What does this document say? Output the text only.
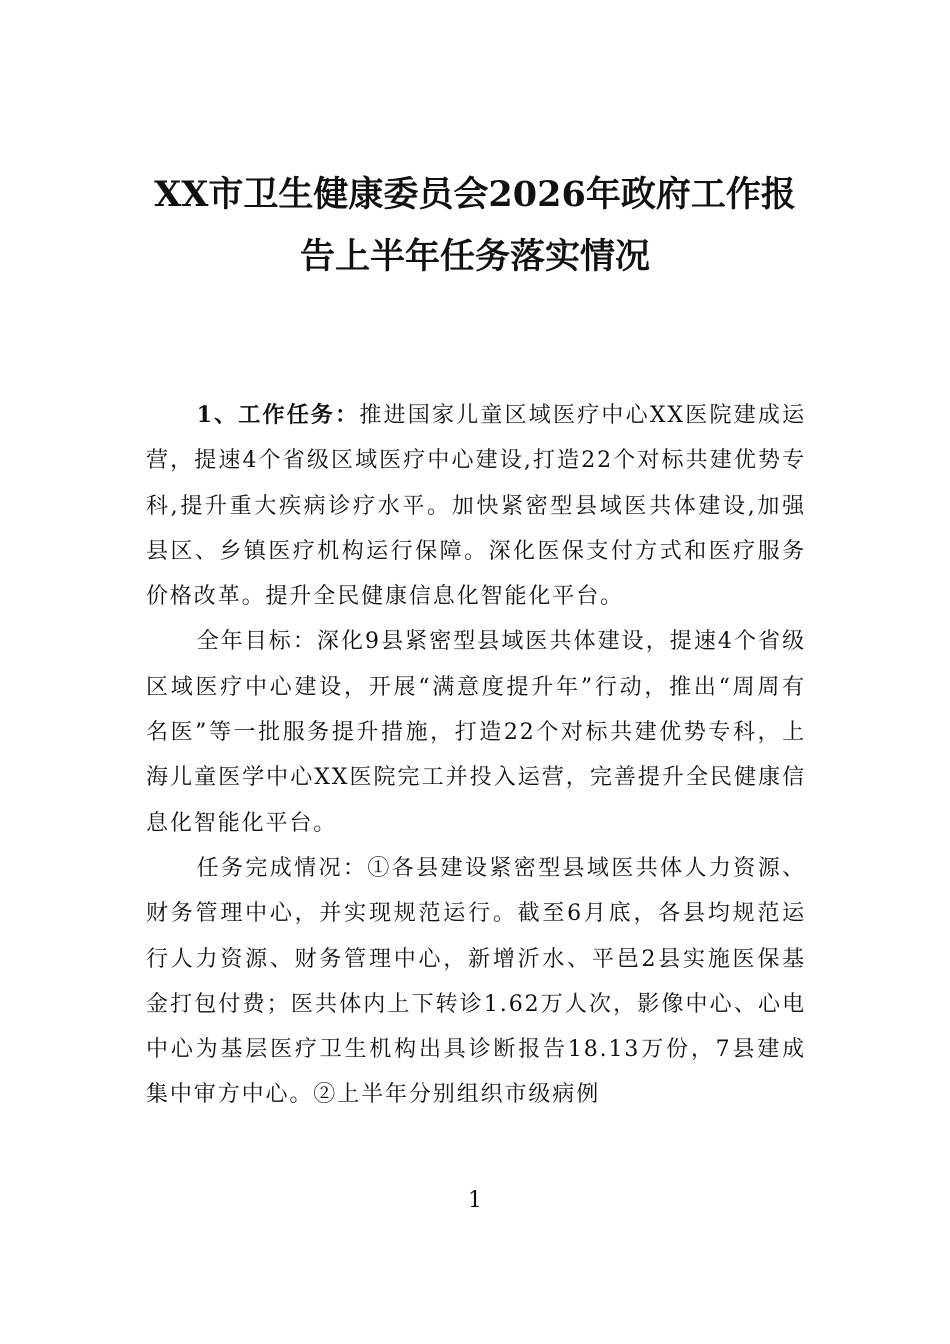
XX市卫生健康委员会2026年政府工作报
告上半年任务落实情况

1、工作任务：推进国家儿童区域医疗中心XX医院建成运营，提速4个省级区域医疗中心建设,打造22个对标共建优势专科,提升重大疾病诊疗水平。加快紧密型县域医共体建设,加强县区、乡镇医疗机构运行保障。深化医保支付方式和医疗服务价格改革。提升全民健康信息化智能化平台。

全年目标：深化9县紧密型县域医共体建设，提速4个省级区域医疗中心建设，开展“满意度提升年”行动，推出“周周有名医”等一批服务提升措施，打造22个对标共建优势专科，上海儿童医学中心XX医院完工并投入运营，完善提升全民健康信息化智能化平台。

任务完成情况：①各县建设紧密型县域医共体人力资源、财务管理中心，并实现规范运行。截至6月底，各县均规范运行人力资源、财务管理中心，新增沂水、平邑2县实施医保基金打包付费；医共体内上下转诊1.62万人次，影像中心、心电中心为基层医疗卫生机构出具诊断报告18.13万份，7县建成集中审方中心。②上半年分别组织市级病例

1
